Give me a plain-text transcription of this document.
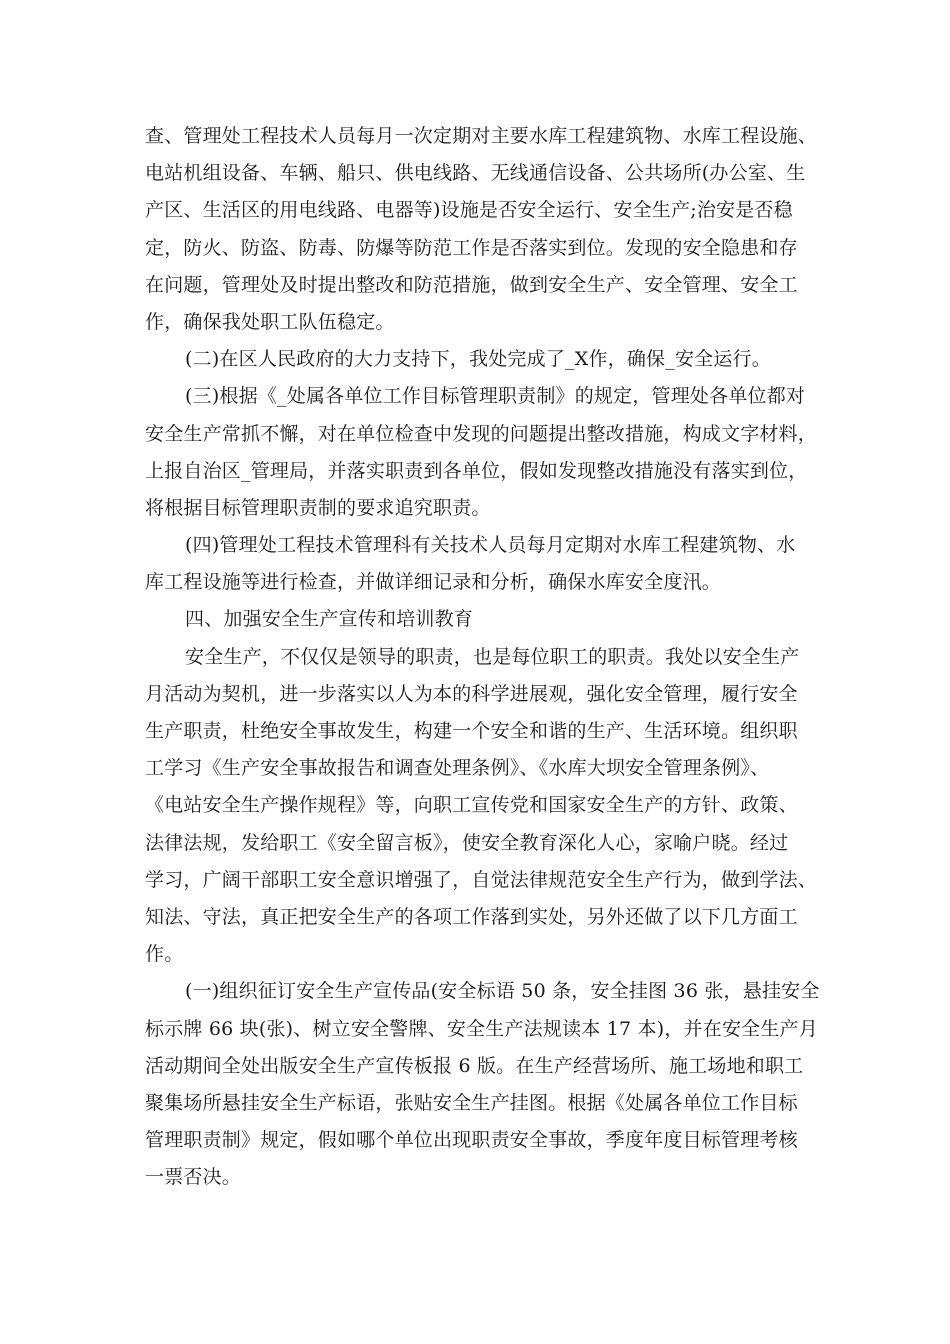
查、管理处工程技术人员每月一次定期对主要水库工程建筑物、水库工程设施、
电站机组设备、车辆、船只、供电线路、无线通信设备、公共场所(办公室、生
产区、生活区的用电线路、电器等)设施是否安全运行、安全生产;治安是否稳
定，防火、防盗、防毒、防爆等防范工作是否落实到位。发现的安全隐患和存
在问题，管理处及时提出整改和防范措施，做到安全生产、安全管理、安全工
作，确保我处职工队伍稳定。
(二)在区人民政府的大力支持下，我处完成了_X作，确保_安全运行。
(三)根据《_处属各单位工作目标管理职责制》的规定，管理处各单位都对
安全生产常抓不懈，对在单位检查中发现的问题提出整改措施，构成文字材料，
上报自治区_管理局，并落实职责到各单位，假如发现整改措施没有落实到位，
将根据目标管理职责制的要求追究职责。
(四)管理处工程技术管理科有关技术人员每月定期对水库工程建筑物、水
库工程设施等进行检查，并做详细记录和分析，确保水库安全度汛。
四、加强安全生产宣传和培训教育
安全生产，不仅仅是领导的职责，也是每位职工的职责。我处以安全生产
月活动为契机，进一步落实以人为本的科学进展观，强化安全管理，履行安全
生产职责，杜绝安全事故发生，构建一个安全和谐的生产、生活环境。组织职
工学习《生产安全事故报告和调查处理条例》、《水库大坝安全管理条例》、
《电站安全生产操作规程》等，向职工宣传党和国家安全生产的方针、政策、
法律法规，发给职工《安全留言板》，使安全教育深化人心，家喻户晓。经过
学习，广阔干部职工安全意识增强了，自觉法律规范安全生产行为，做到学法、
知法、守法，真正把安全生产的各项工作落到实处，另外还做了以下几方面工
作。
(一)组织征订安全生产宣传品(安全标语 50 条，安全挂图 36 张，悬挂安全
标示牌 66 块(张)、树立安全警牌、安全生产法规读本 17 本)，并在安全生产月
活动期间全处出版安全生产宣传板报 6 版。在生产经营场所、施工场地和职工
聚集场所悬挂安全生产标语，张贴安全生产挂图。根据《处属各单位工作目标
管理职责制》规定，假如哪个单位出现职责安全事故，季度年度目标管理考核
一票否决。
